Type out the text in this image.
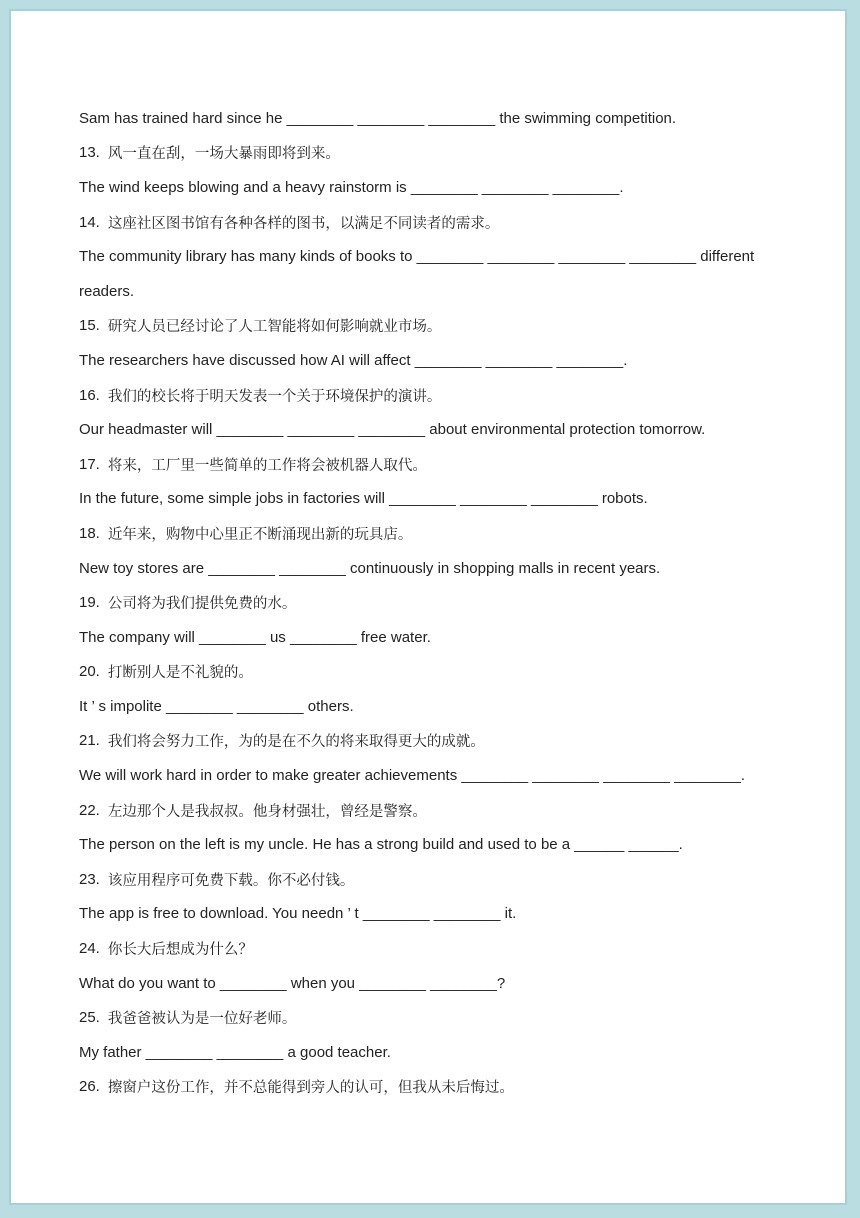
Sam has trained hard since he ________ ________ ________ the swimming competition.
13. 风一直在刮，一场大暴雨即将到来。
The wind keeps blowing and a heavy rainstorm is ________ ________ ________.
14. 这座社区图书馆有各种各样的图书，以满足不同读者的需求。
The community library has many kinds of books to ________ ________ ________ ________ different
readers.
15. 研究人员已经讨论了人工智能将如何影响就业市场。
The researchers have discussed how AI will affect ________ ________ ________.
16. 我们的校长将于明天发表一个关于环境保护的演讲。
Our headmaster will ________ ________ ________ about environmental protection tomorrow.
17. 将来，工厂里一些简单的工作将会被机器人取代。
In the future, some simple jobs in factories will ________ ________ ________ robots.
18. 近年来，购物中心里正不断涌现出新的玩具店。
New toy stores are ________ ________ continuously in shopping malls in recent years.
19. 公司将为我们提供免费的水。
The company will ________ us ________ free water.
20. 打断别人是不礼貌的。
It ’ s impolite ________ ________ others.
21. 我们将会努力工作，为的是在不久的将来取得更大的成就。
We will work hard in order to make greater achievements ________ ________ ________ ________.
22. 左边那个人是我叔叔。他身材强壮，曾经是警察。
The person on the left is my uncle. He has a strong build and used to be a ______ ______.
23. 该应用程序可免费下载。你不必付钱。
The app is free to download. You needn ’ t ________ ________ it.
24. 你长大后想成为什么？
What do you want to ________ when you ________ ________?
25. 我爸爸被认为是一位好老师。
My father ________ ________ a good teacher.
26. 擦窗户这份工作，并不总能得到旁人的认可，但我从未后悔过。
